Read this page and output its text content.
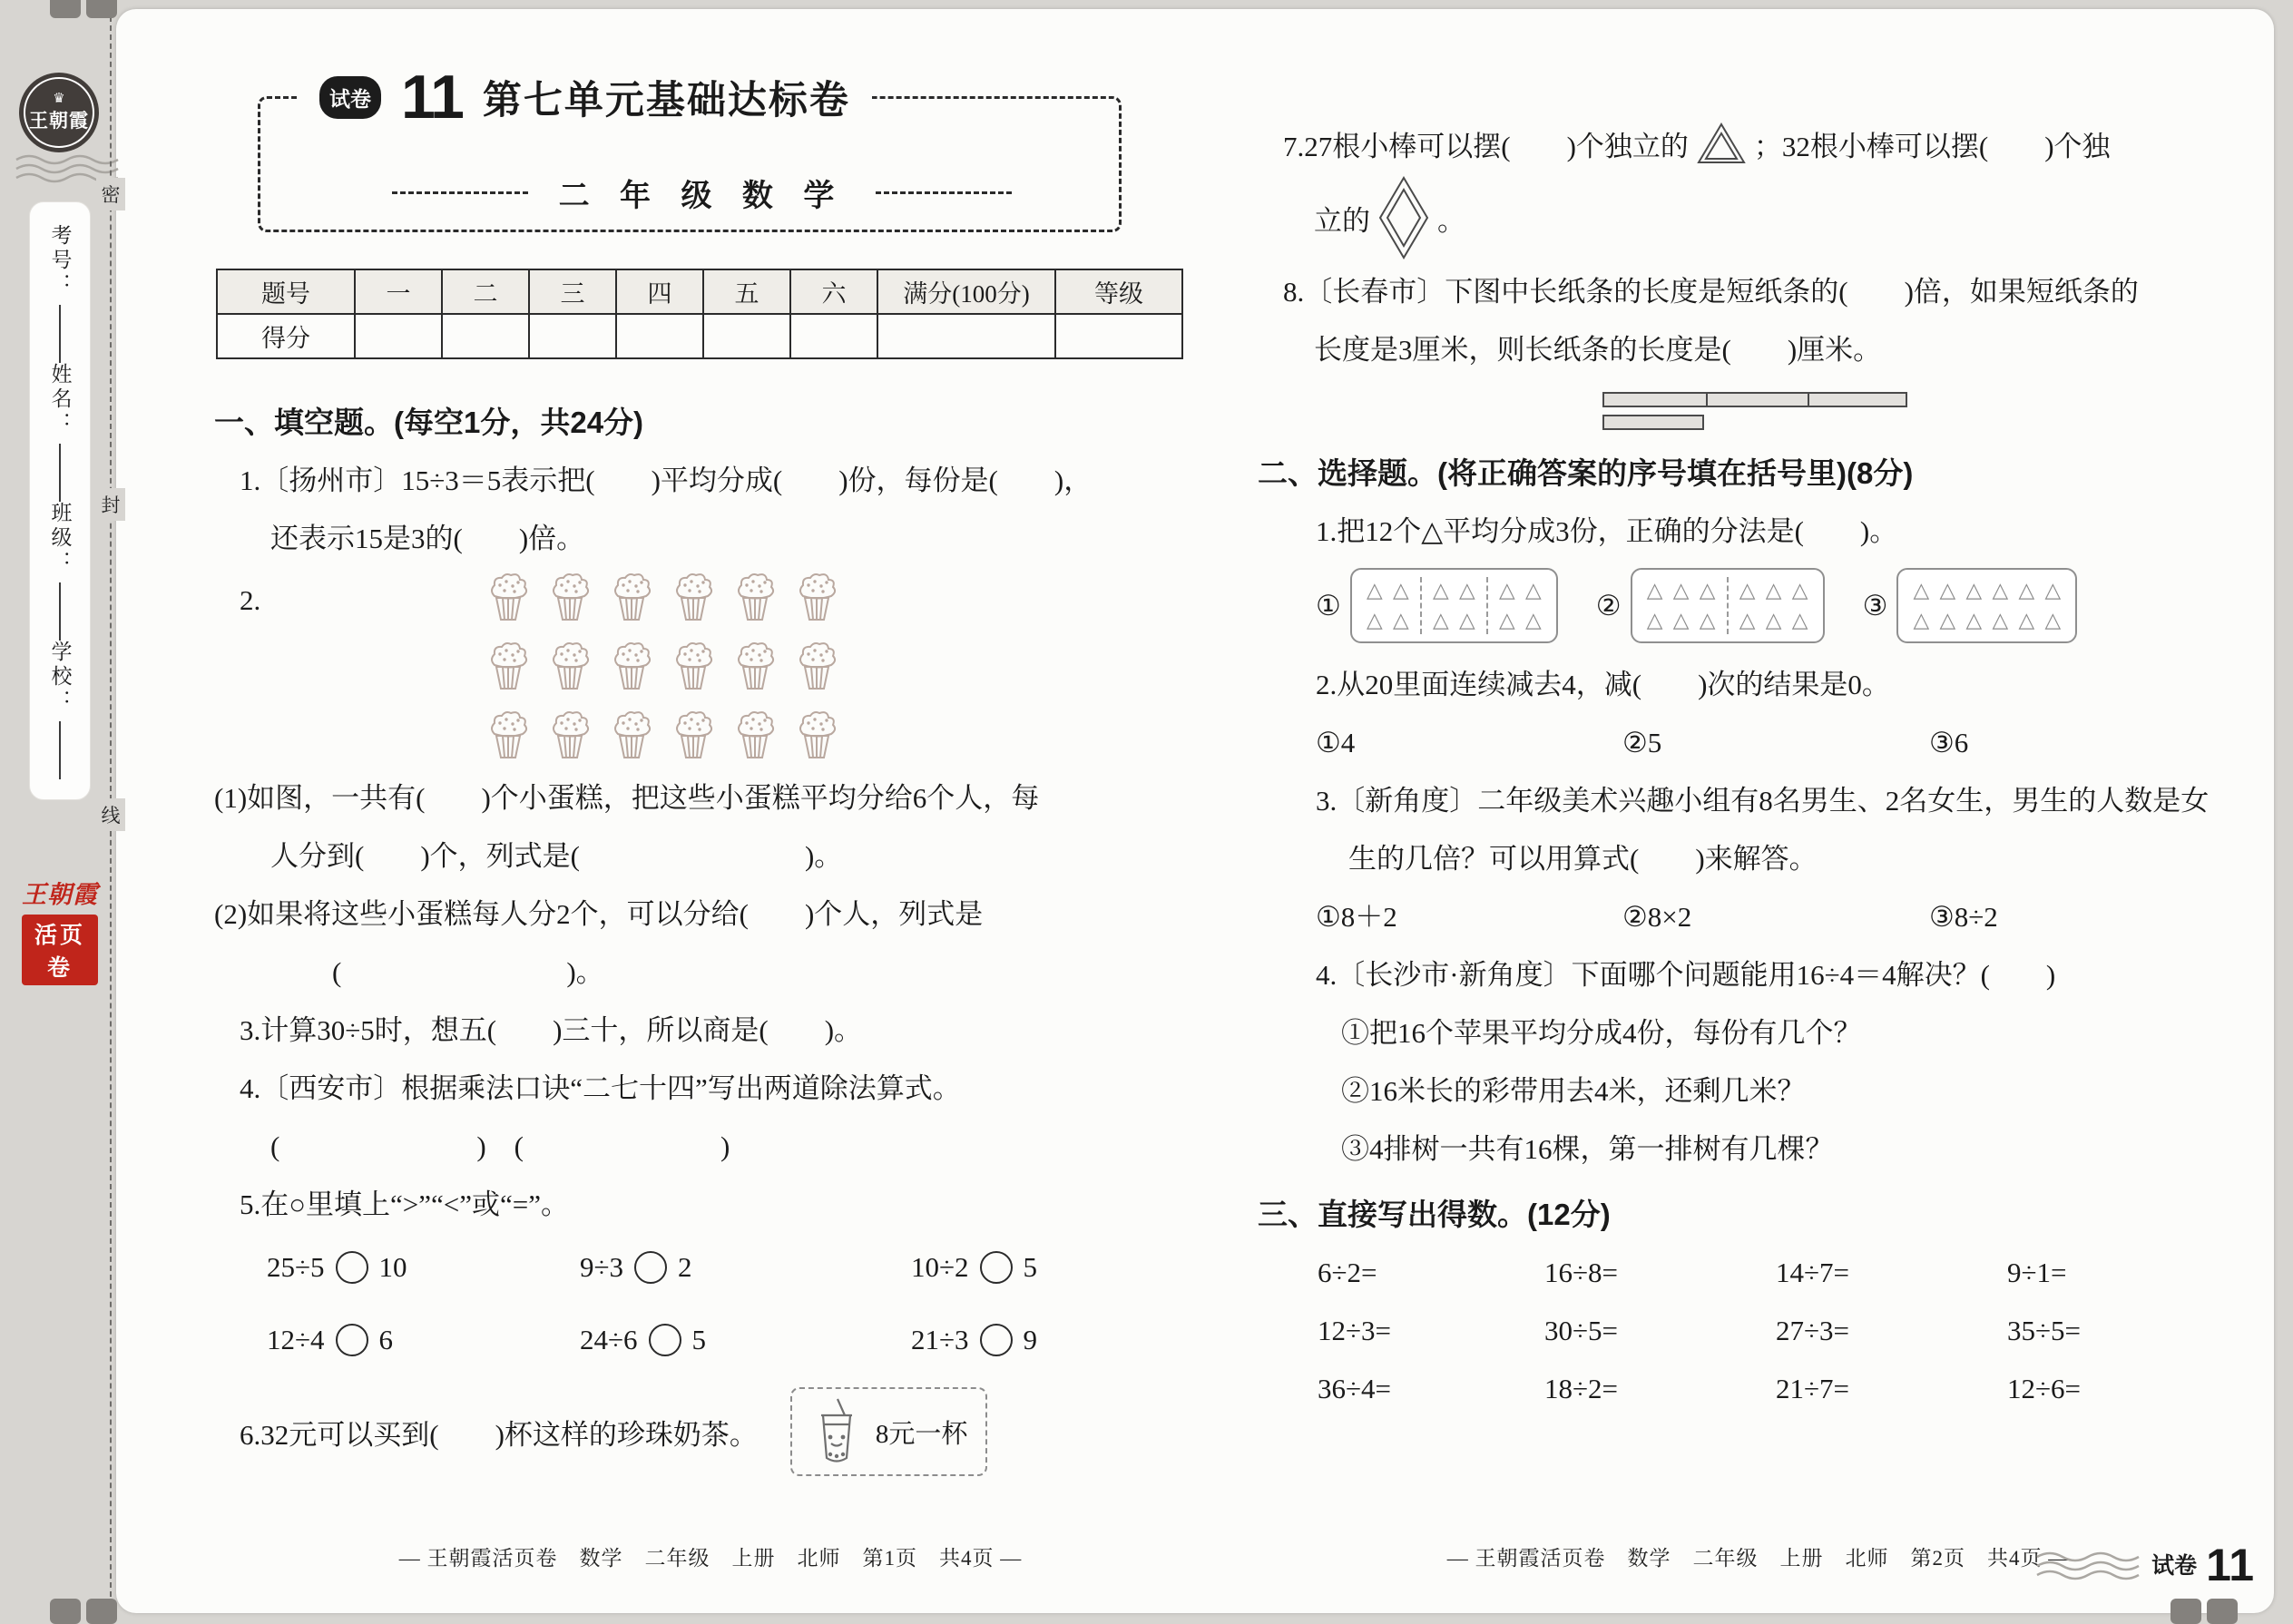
♛
王朝霞
考号：
姓名：
班级：
学校：
王朝霞
活页卷
密
封
线
试卷 11 第七单元基础达标卷
二 年 级 数 学
题号	一	二	三	四	五	六	满分(100分)	等级
得分								
一、填空题。(每空1分，共24分)
1.〔扬州市〕15÷3＝5表示把(　　)平均分成(　　)份，每份是(　　)，
还表示15是3的(　　)倍。
2.
(1)如图，一共有(　　)个小蛋糕，把这些小蛋糕平均分给6个人，每
人分到(　　)个，列式是(　　　　　　　　)。
(2)如果将这些小蛋糕每人分2个，可以分给(　　)个人，列式是
(　　　　　　　　)。
3.计算30÷5时，想五(　　)三十，所以商是(　　)。
4.〔西安市〕根据乘法口诀“二七十四”写出两道除法算式。
(　　　　　　　)　(　　　　　　　)
5.在○里填上“>”“<”或“=”。
25÷5 10	9÷3 2	10÷2 5
12÷4 6	24÷6 5	21÷3 9
6.32元可以买到(　　)杯这样的珍珠奶茶。	8元一杯
7.27根小棒可以摆(　　)个独立的 ；32根小棒可以摆(　　)个独
立的 。
8.〔长春市〕下图中长纸条的长度是短纸条的(　　)倍，如果短纸条的
长度是3厘米，则长纸条的长度是(　　)厘米。
二、选择题。(将正确答案的序号填在括号里)(8分)
1.把12个△平均分成3份，正确的分法是(　　)。
① △ △
△ △
△ △
△ △
△ △
△ △ ② △ △ △
△ △ △
△ △ △
△ △ △ ③ △ △ △ △ △ △
△ △ △ △ △ △
2.从20里面连续减去4，减(　　)次的结果是0。
①4	②5	③6
3.〔新角度〕二年级美术兴趣小组有8名男生、2名女生，男生的人数是女
生的几倍？可以用算式(　　)来解答。
①8＋2	②8×2	③8÷2
4.〔长沙市·新角度〕下面哪个问题能用16÷4＝4解决？(　　)
①把16个苹果平均分成4份，每份有几个？
②16米长的彩带用去4米，还剩几米？
③4排树一共有16棵，第一排树有几棵？
三、直接写出得数。(12分)
6÷2=	16÷8=	14÷7=	9÷1=
12÷3=	30÷5=	27÷3=	35÷5=
36÷4=	18÷2=	21÷7=	12÷6=
— 王朝霞活页卷　数学　二年级　上册　北师　第1页　共4页 —	— 王朝霞活页卷　数学　二年级　上册　北师　第2页　共4页 —	试卷 11
